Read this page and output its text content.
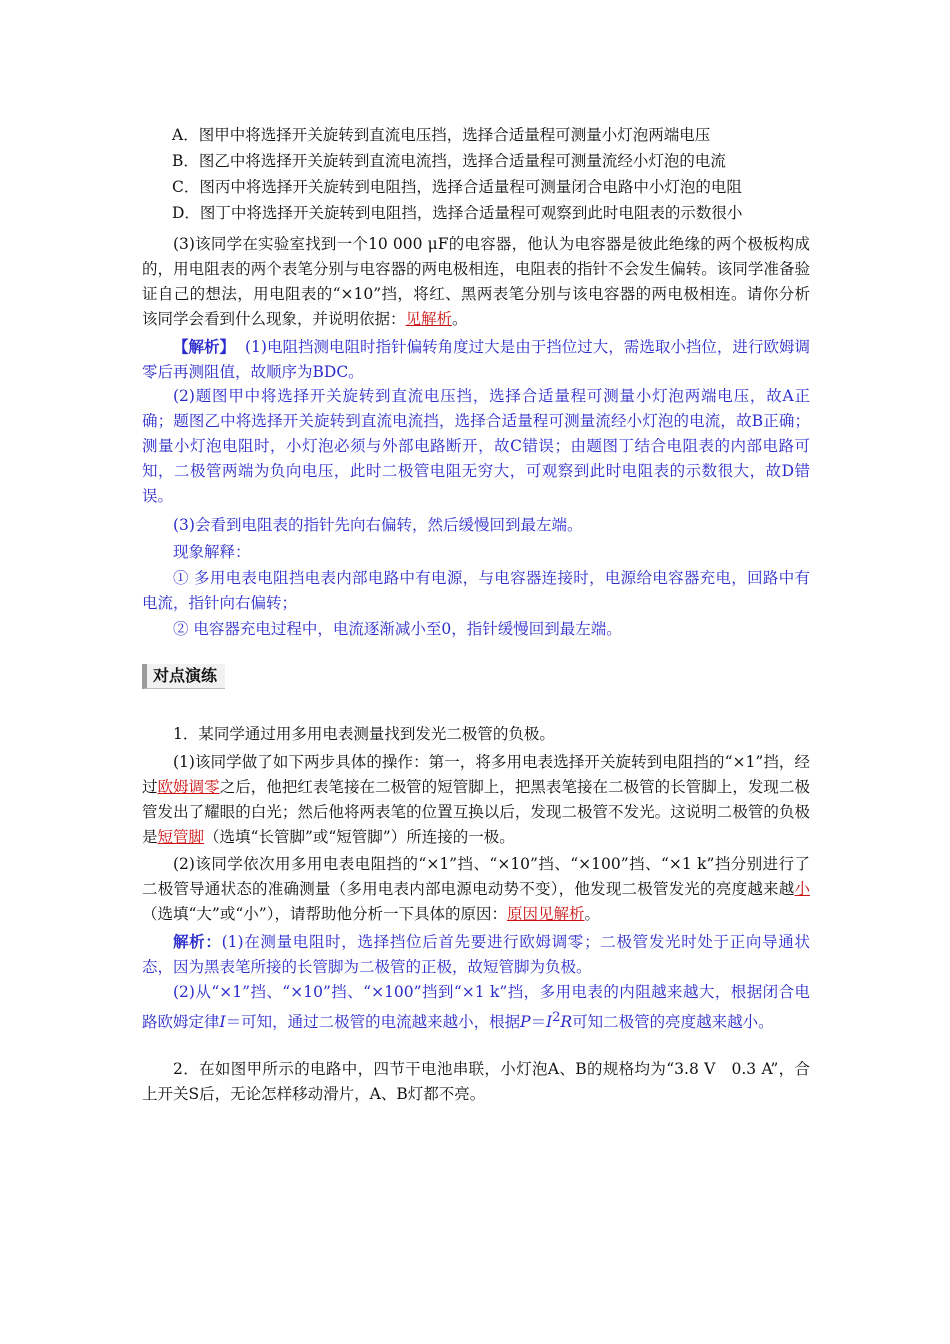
A．图甲中将选择开关旋转到直流电压挡，选择合适量程可测量小灯泡两端电压
B．图乙中将选择开关旋转到直流电流挡，选择合适量程可测量流经小灯泡的电流
C．图丙中将选择开关旋转到电阻挡，选择合适量程可测量闭合电路中小灯泡的电阻
D．图丁中将选择开关旋转到电阻挡，选择合适量程可观察到此时电阻表的示数很小
(3)该同学在实验室找到一个10 000 μF的电容器，他认为电容器是彼此绝缘的两个极板构成的，用电阻表的两个表笔分别与电容器的两电极相连，电阻表的指针不会发生偏转。该同学准备验证自己的想法，用电阻表的“×10”挡，将红、黑两表笔分别与该电容器的两电极相连。请你分析该同学会看到什么现象，并说明依据：见解析。
【解析】 (1)电阻挡测电阻时指针偏转角度过大是由于挡位过大，需选取小挡位，进行欧姆调零后再测阻值，故顺序为BDC。
(2)题图甲中将选择开关旋转到直流电压挡，选择合适量程可测量小灯泡两端电压，故A正确；题图乙中将选择开关旋转到直流电流挡，选择合适量程可测量流经小灯泡的电流，故B正确；测量小灯泡电阻时，小灯泡必须与外部电路断开，故C错误；由题图丁结合电阻表的内部电路可知，二极管两端为负向电压，此时二极管电阻无穷大，可观察到此时电阻表的示数很大，故D错误。
(3)会看到电阻表的指针先向右偏转，然后缓慢回到最左端。
现象解释：
① 多用电表电阻挡电表内部电路中有电源，与电容器连接时，电源给电容器充电，回路中有电流，指针向右偏转；
② 电容器充电过程中，电流逐渐减小至0，指针缓慢回到最左端。
对点演练
1．某同学通过用多用电表测量找到发光二极管的负极。
(1)该同学做了如下两步具体的操作：第一，将多用电表选择开关旋转到电阻挡的“×1”挡，经过欧姆调零之后，他把红表笔接在二极管的短管脚上，把黑表笔接在二极管的长管脚上，发现二极管发出了耀眼的白光；然后他将两表笔的位置互换以后，发现二极管不发光。这说明二极管的负极是短管脚（选填“长管脚”或“短管脚”）所连接的一极。
(2)该同学依次用多用电表电阻挡的“×1”挡、“×10”挡、“×100”挡、“×1 k”挡分别进行了二极管导通状态的准确测量（多用电表内部电源电动势不变），他发现二极管发光的亮度越来越小（选填“大”或“小”），请帮助他分析一下具体的原因：原因见解析。
解析：(1)在测量电阻时，选择挡位后首先要进行欧姆调零；二极管发光时处于正向导通状态，因为黑表笔所接的长管脚为二极管的正极，故短管脚为负极。
(2)从“×1”挡、“×10”挡、“×100”挡到“×1 k”挡，多用电表的内阻越来越大，根据闭合电路欧姆定律I＝可知，通过二极管的电流越来越小，根据$P=I^2R$可知二极管的亮度越来越小。
2．在如图甲所示的电路中，四节干电池串联，小灯泡A、B的规格均为“3.8 V　0.3 A”，合上开关S后，无论怎样移动滑片，A、B灯都不亮。
